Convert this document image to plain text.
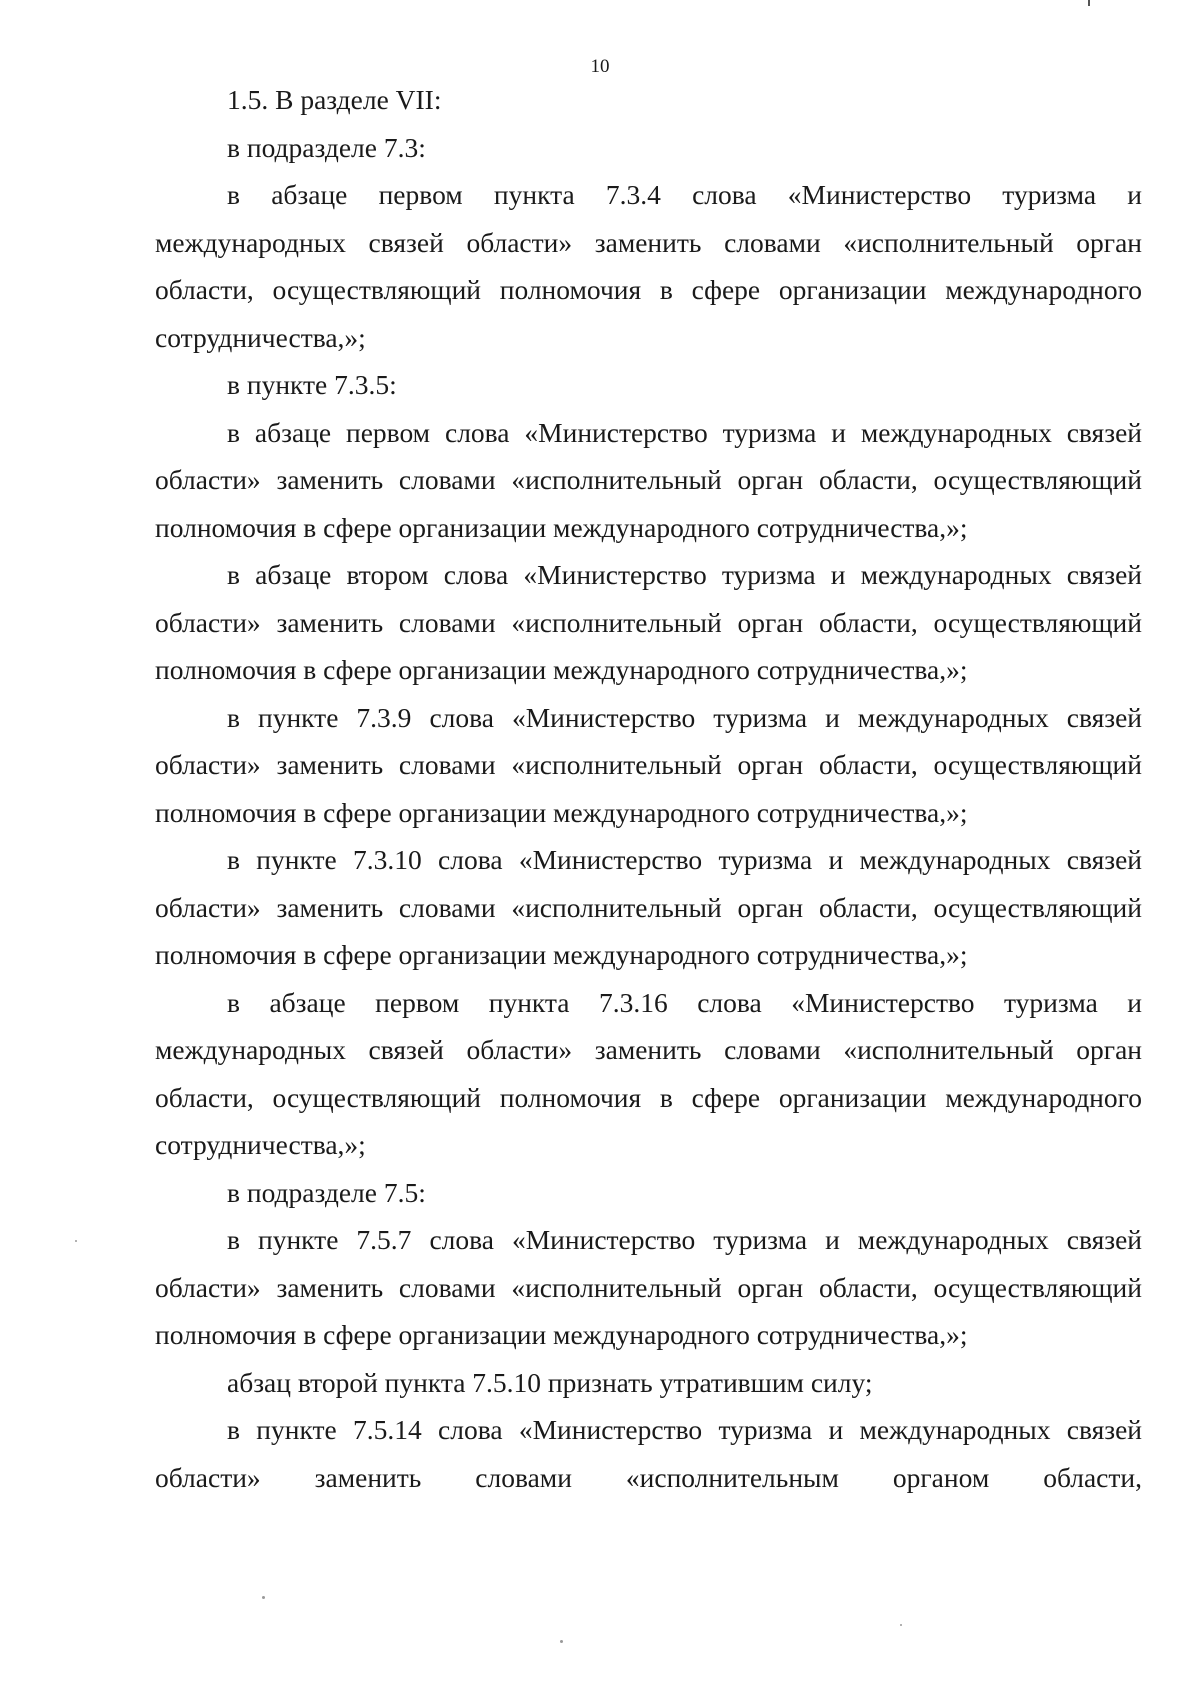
10

1.5. В разделе VII:

в подразделе 7.3:

в абзаце первом пункта 7.3.4 слова «Министерство туризма и международных связей области» заменить словами «исполнительный орган области, осуществляющий полномочия в сфере организации международного сотрудничества,»;

в пункте 7.3.5:

в абзаце первом слова «Министерство туризма и международных связей области» заменить словами «исполнительный орган области, осуществляющий полномочия в сфере организации международного сотрудничества,»;

в абзаце втором слова «Министерство туризма и международных связей области» заменить словами «исполнительный орган области, осуществляющий полномочия в сфере организации международного сотрудничества,»;

в пункте 7.3.9 слова «Министерство туризма и международных связей области» заменить словами «исполнительный орган области, осуществляющий полномочия в сфере организации международного сотрудничества,»;

в пункте 7.3.10 слова «Министерство туризма и международных связей области» заменить словами «исполнительный орган области, осуществляющий полномочия в сфере организации международного сотрудничества,»;

в абзаце первом пункта 7.3.16 слова «Министерство туризма и международных связей области» заменить словами «исполнительный орган области, осуществляющий полномочия в сфере организации международного сотрудничества,»;

в подразделе 7.5:

в пункте 7.5.7 слова «Министерство туризма и международных связей области» заменить словами «исполнительный орган области, осуществляющий полномочия в сфере организации международного сотрудничества,»;

абзац второй пункта 7.5.10 признать утратившим силу;

в пункте 7.5.14 слова «Министерство туризма и международных связей области» заменить словами «исполнительным органом области,
